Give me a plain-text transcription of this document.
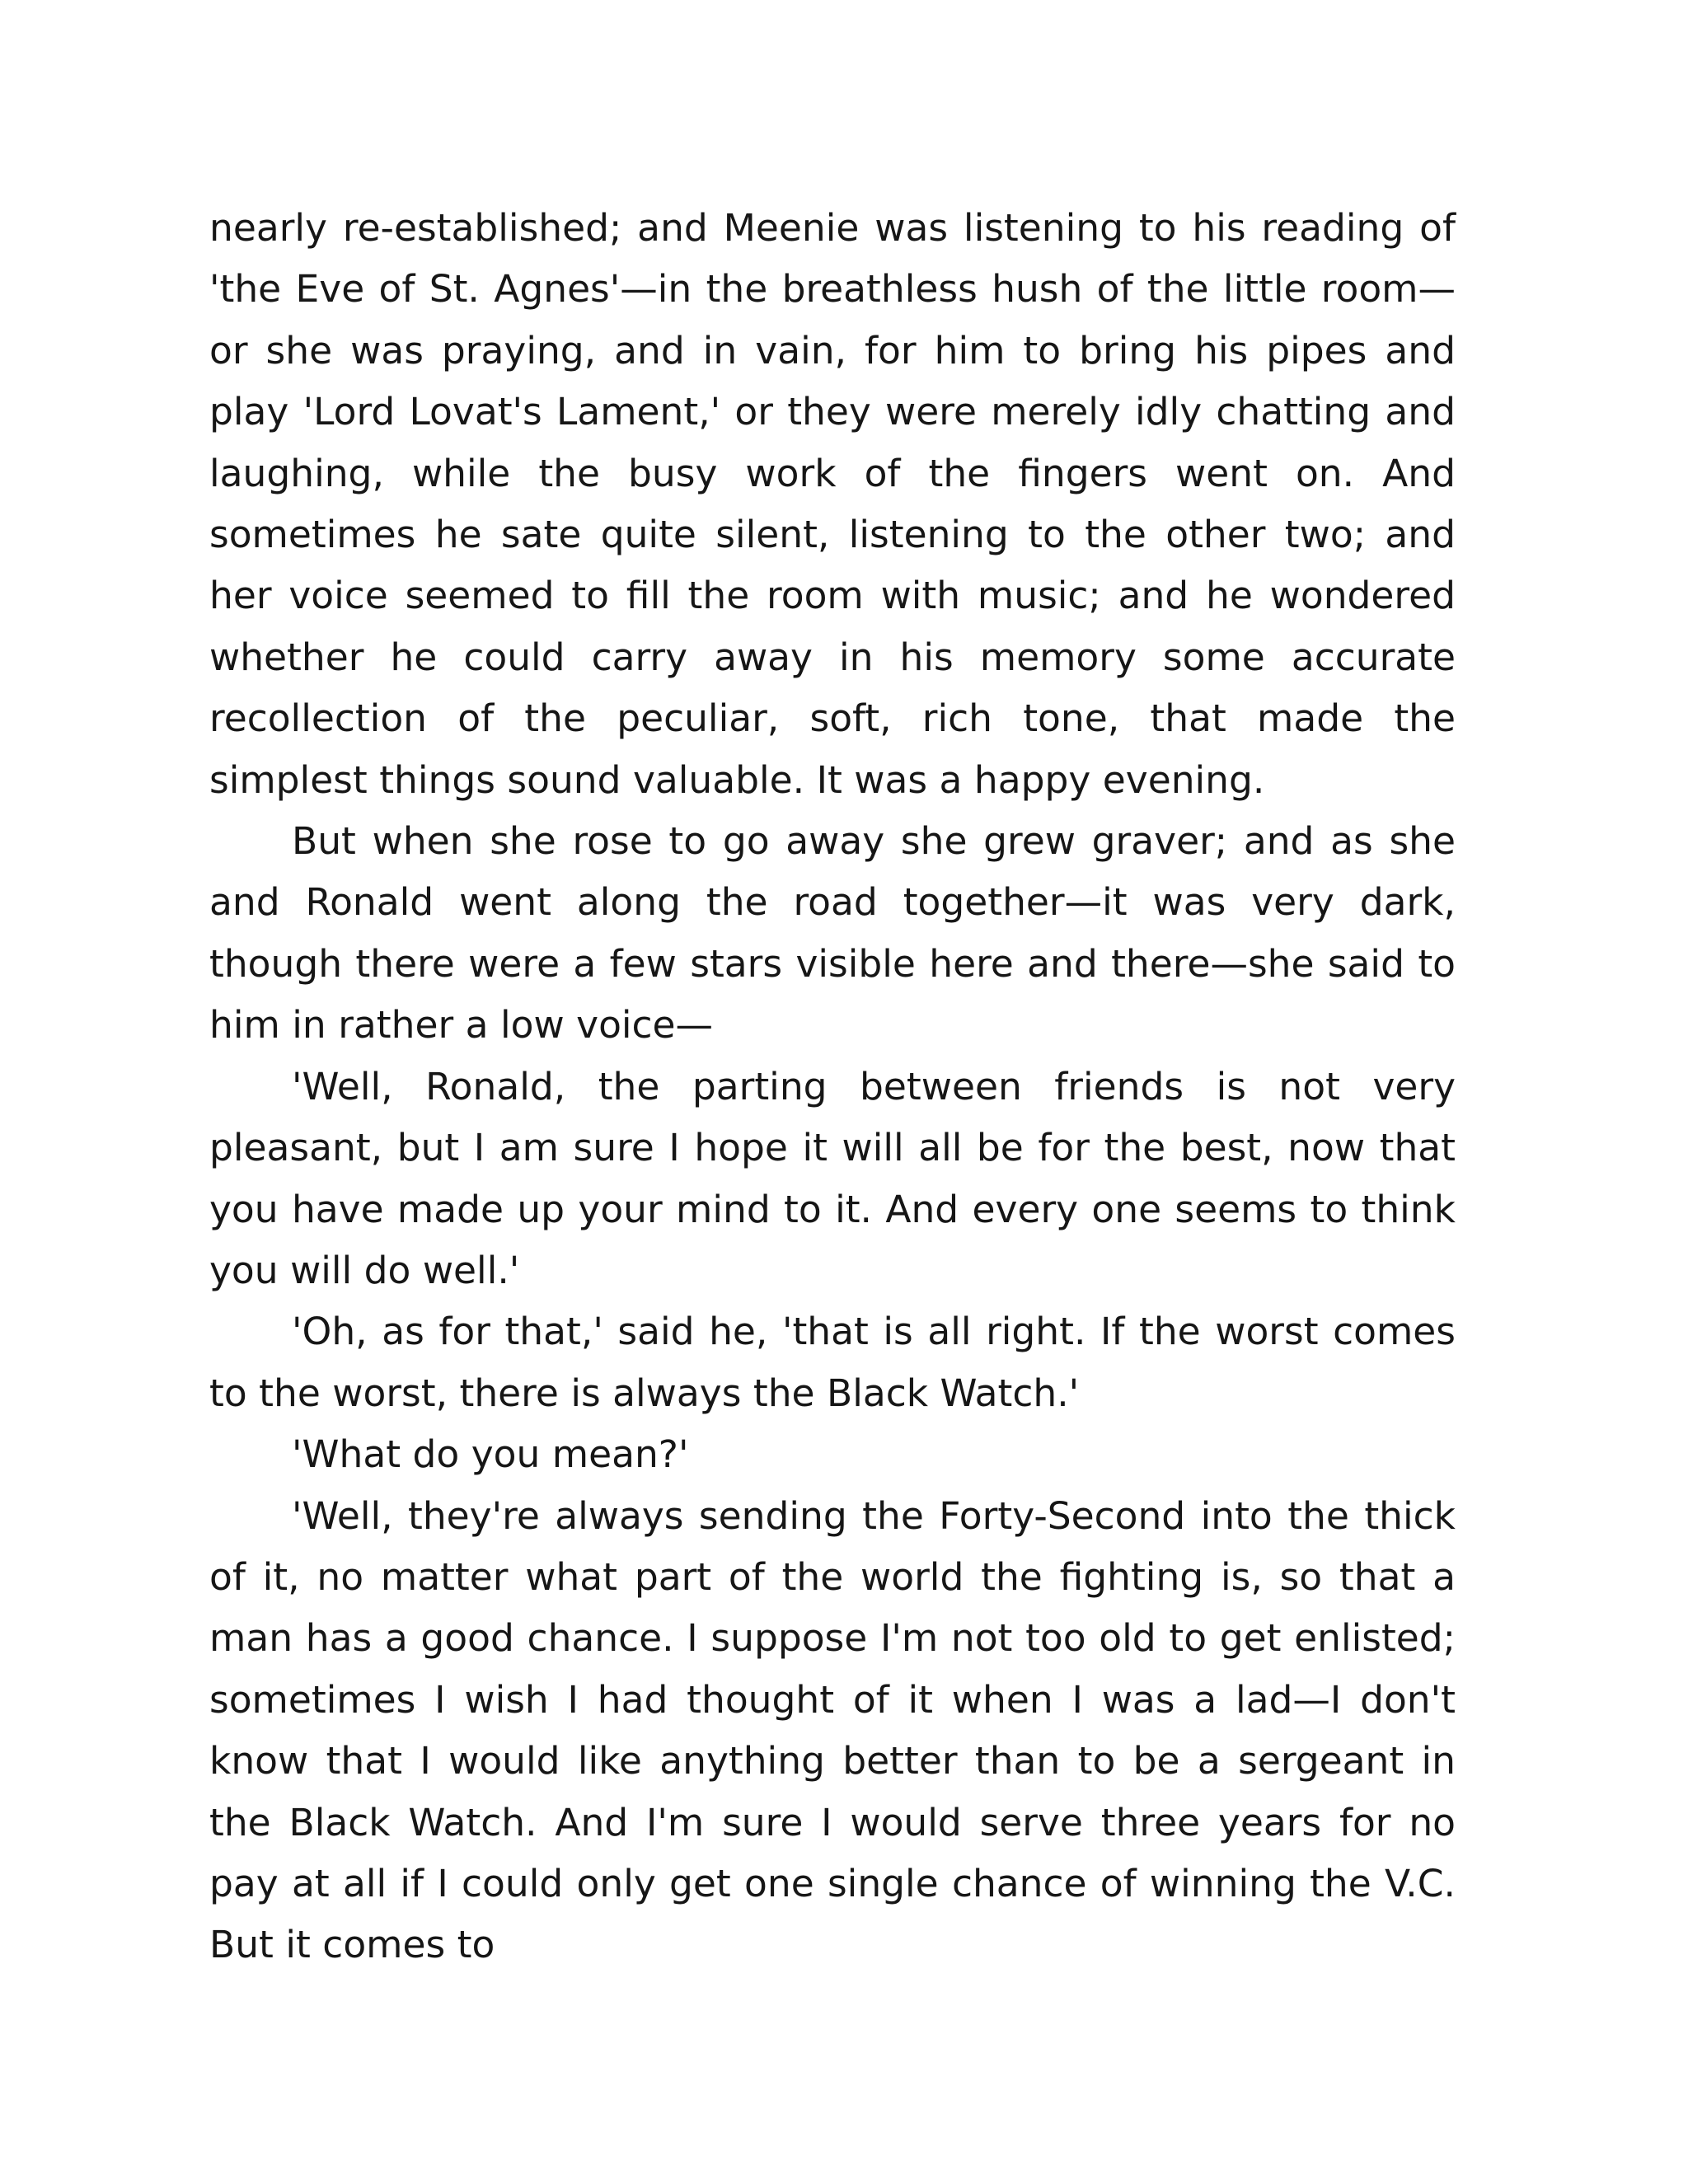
nearly re-established; and Meenie was listening to his reading of 'the Eve of St. Agnes'—in the breathless hush of the little room—or she was praying, and in vain, for him to bring his pipes and play 'Lord Lovat's Lament,' or they were merely idly chatting and laughing, while the busy work of the fingers went on. And sometimes he sate quite silent, listening to the other two; and her voice seemed to fill the room with music; and he wondered whether he could carry away in his memory some accurate recollection of the peculiar, soft, rich tone, that made the simplest things sound valuable. It was a happy evening.

But when she rose to go away she grew graver; and as she and Ronald went along the road together—it was very dark, though there were a few stars visible here and there—she said to him in rather a low voice—

'Well, Ronald, the parting between friends is not very pleasant, but I am sure I hope it will all be for the best, now that you have made up your mind to it. And every one seems to think you will do well.'

'Oh, as for that,' said he, 'that is all right. If the worst comes to the worst, there is always the Black Watch.'

'What do you mean?'

'Well, they're always sending the Forty-Second into the thick of it, no matter what part of the world the fighting is, so that a man has a good chance. I suppose I'm not too old to get enlisted; sometimes I wish I had thought of it when I was a lad—I don't know that I would like anything better than to be a sergeant in the Black Watch. And I'm sure I would serve three years for no pay at all if I could only get one single chance of winning the V.C. But it comes to
